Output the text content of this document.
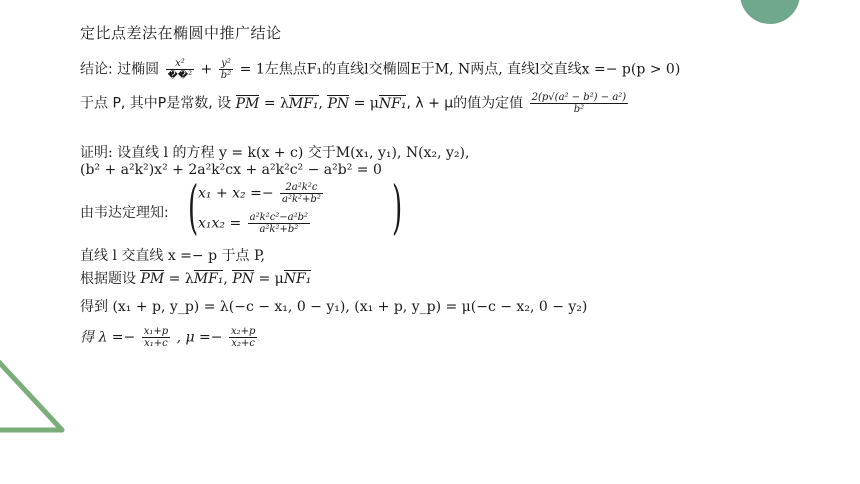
定比点差法在椭圆中推广结论
结论: 过椭圆 $\frac{\text{x²}}{\text{��²}} + \frac{\text{y²}}{\text{b²}} = 1$左焦点F₁的直线l交椭圆E于M, N两点, 直线l交直线x =− p(p > 0)
于点 P, 其中P是常数, 设 PM = λMF₁, PN = μNF₁, λ + μ的值为定值 $\frac{\text{2(p√(a² − b²) − a²)}}{\text{b²}}$
证明: 设直线 l 的方程 y = k(x + c) 交于M(x₁, y₁), N(x₂, y₂),
(b² + a²k²)x² + 2a²k²cx + a²k²c² − a²b² = 0
由韦达定理知: ( $x_1 + x_2 =- \frac{\text{2a²k²c}}{\text{a²k²+b²}}$
$x_1x_2 = \frac{\text{a²k²c²−a²b²}}{\text{a²k²+b²}}$ )
直线 l 交直线 x =− p 于点 P,
根据题设 PM = λMF₁, PN = μNF₁
得到 (x₁ + p, y_p) = λ(−c − x₁, 0 − y₁), (x₁ + p, y_p) = μ(−c − x₂, 0 − y₂)
得 $\lambda =- \frac{\text{x₁+p}}{\text{x₁+c}}$ , $\mu =- \frac{\text{x₂+p}}{\text{x₂+c}}$
